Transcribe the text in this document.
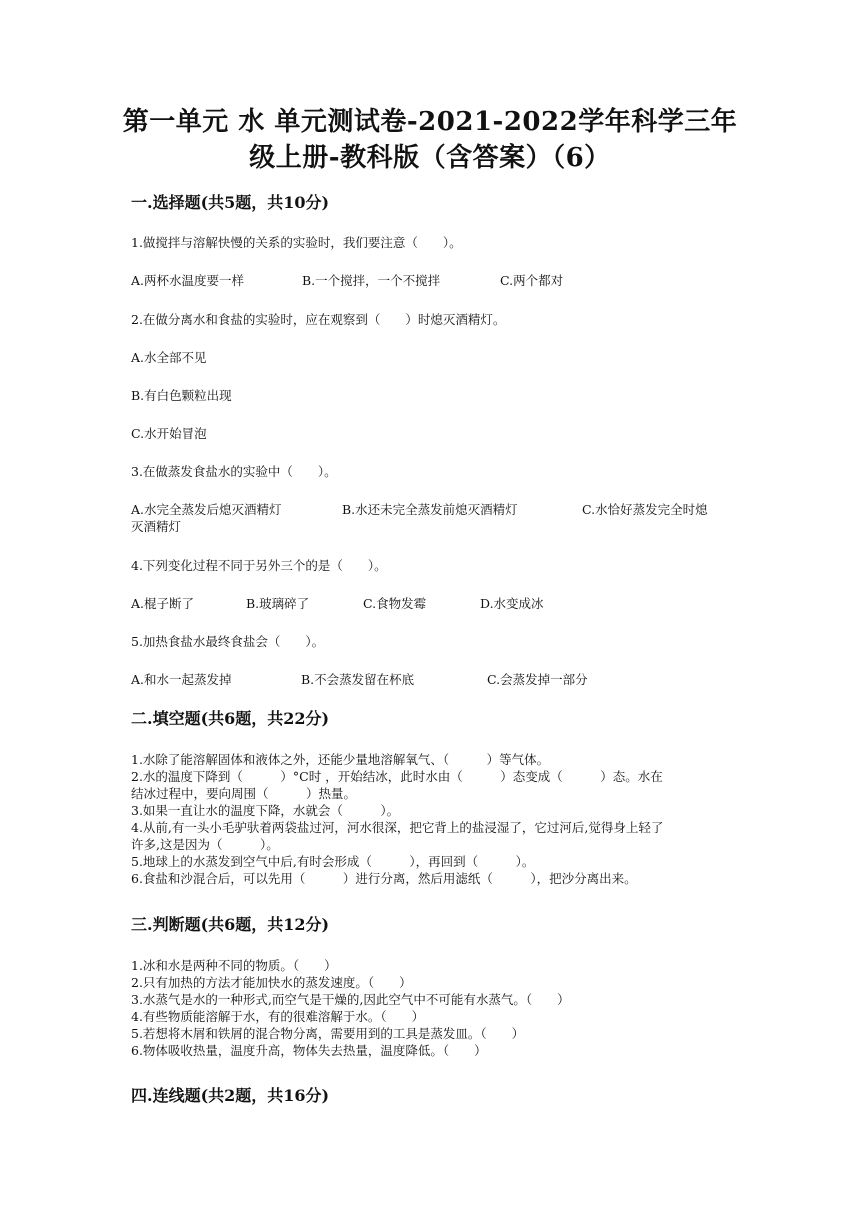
第一单元 水 单元测试卷-2021-2022学年科学三年
级上册-教科版（含答案）（6）
一.选择题(共5题，共10分)
1.做搅拌与溶解快慢的关系的实验时，我们要注意（　　）。
A.两杯水温度要一样	B.一个搅拌，一个不搅拌	C.两个都对
2.在做分离水和食盐的实验时，应在观察到（　　）时熄灭酒精灯。
A.水全部不见
B.有白色颗粒出现
C.水开始冒泡
3.在做蒸发食盐水的实验中（　　）。
A.水完全蒸发后熄灭酒精灯	B.水还未完全蒸发前熄灭酒精灯	C.水恰好蒸发完全时熄
灭酒精灯
4.下列变化过程不同于另外三个的是（　　）。
A.棍子断了	B.玻璃碎了	C.食物发霉	D.水变成冰
5.加热食盐水最终食盐会（　　）。
A.和水一起蒸发掉	B.不会蒸发留在杯底	C.会蒸发掉一部分
二.填空题(共6题，共22分)
1.水除了能溶解固体和液体之外，还能少量地溶解氧气、（　　　）等气体。
2.水的温度下降到（　　　）°C时 ，开始结冰，此时水由（　　　）态变成（　　　）态。水在
结冰过程中，要向周围（　　　）热量。
3.如果一直让水的温度下降，水就会（　　　）。
4.从前,有一头小毛驴驮着两袋盐过河，河水很深，把它背上的盐浸湿了，它过河后,觉得身上轻了
许多,这是因为（　　　）。
5.地球上的水蒸发到空气中后,有时会形成（　　　），再回到（　　　）。
6.食盐和沙混合后，可以先用（　　　）进行分离，然后用滤纸（　　　），把沙分离出来。
三.判断题(共6题，共12分)
1.冰和水是两种不同的物质。（　　）
2.只有加热的方法才能加快水的蒸发速度。（　　）
3.水蒸气是水的一种形式,而空气是干燥的,因此空气中不可能有水蒸气。（　　）
4.有些物质能溶解于水，有的很难溶解于水。（　　）
5.若想将木屑和铁屑的混合物分离，需要用到的工具是蒸发皿。（　　）
6.物体吸收热量，温度升高，物体失去热量，温度降低。（　　）
四.连线题(共2题，共16分)
